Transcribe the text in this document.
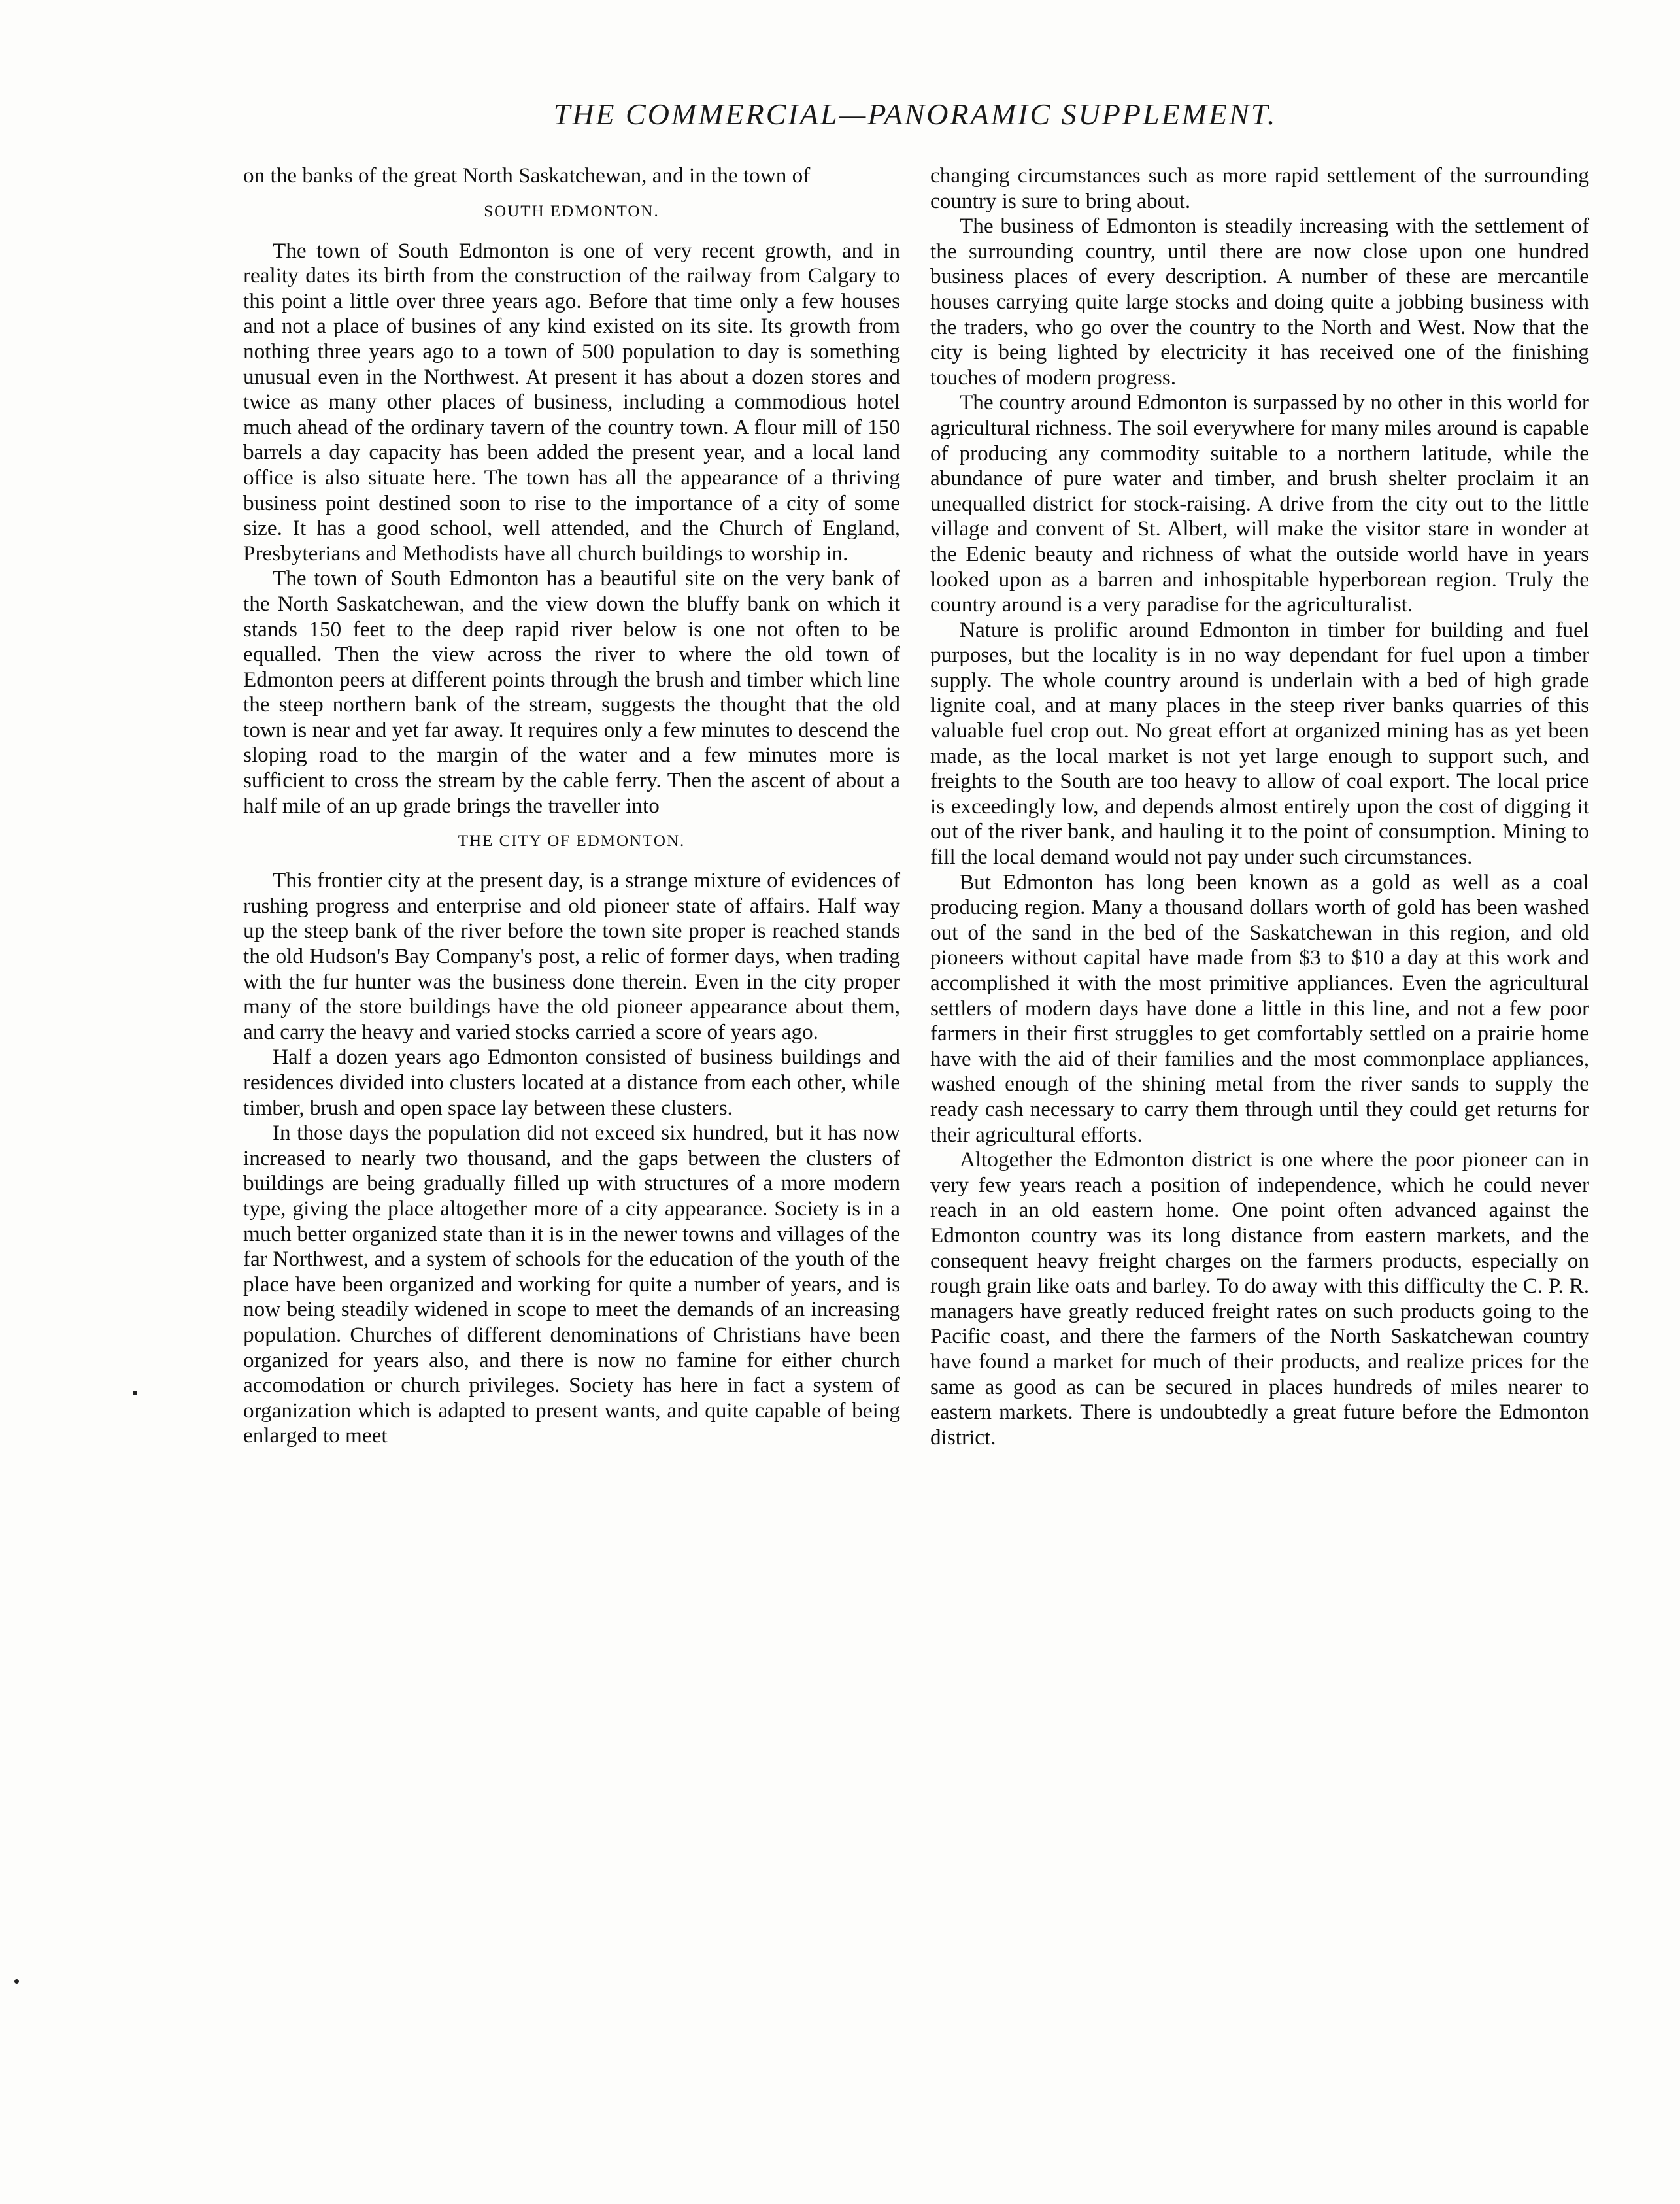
THE COMMERCIAL—PANORAMIC SUPPLEMENT.

on the banks of the great North Saskatchewan, and in the town of

SOUTH EDMONTON.

The town of South Edmonton is one of very recent growth, and in reality dates its birth from the construction of the railway from Calgary to this point a little over three years ago. Before that time only a few houses and not a place of busines of any kind existed on its site. Its growth from nothing three years ago to a town of 500 population to day is something unusual even in the Northwest. At present it has about a dozen stores and twice as many other places of business, including a commodious hotel much ahead of the ordinary tavern of the country town. A flour mill of 150 barrels a day capacity has been added the present year, and a local land office is also situate here. The town has all the appearance of a thriving business point destined soon to rise to the importance of a city of some size. It has a good school, well attended, and the Church of England, Presbyterians and Methodists have all church buildings to worship in.

The town of South Edmonton has a beautiful site on the very bank of the North Saskatchewan, and the view down the bluffy bank on which it stands 150 feet to the deep rapid river below is one not often to be equalled. Then the view across the river to where the old town of Edmonton peers at different points through the brush and timber which line the steep northern bank of the stream, suggests the thought that the old town is near and yet far away. It requires only a few minutes to descend the sloping road to the margin of the water and a few minutes more is sufficient to cross the stream by the cable ferry. Then the ascent of about a half mile of an up grade brings the traveller into

THE CITY OF EDMONTON.

This frontier city at the present day, is a strange mixture of evidences of rushing progress and enterprise and old pioneer state of affairs. Half way up the steep bank of the river before the town site proper is reached stands the old Hudson's Bay Company's post, a relic of former days, when trading with the fur hunter was the business done therein. Even in the city proper many of the store buildings have the old pioneer appearance about them, and carry the heavy and varied stocks carried a score of years ago.

Half a dozen years ago Edmonton consisted of business buildings and residences divided into clusters located at a distance from each other, while timber, brush and open space lay between these clusters.

In those days the population did not exceed six hundred, but it has now increased to nearly two thousand, and the gaps between the clusters of buildings are being gradually filled up with structures of a more modern type, giving the place altogether more of a city appearance. Society is in a much better organized state than it is in the newer towns and villages of the far Northwest, and a system of schools for the education of the youth of the place have been organized and working for quite a number of years, and is now being steadily widened in scope to meet the demands of an increasing population. Churches of different denominations of Christians have been organized for years also, and there is now no famine for either church accomodation or church privileges. Society has here in fact a system of organization which is adapted to present wants, and quite capable of being enlarged to meet

changing circumstances such as more rapid settlement of the surrounding country is sure to bring about.

The business of Edmonton is steadily increasing with the settlement of the surrounding country, until there are now close upon one hundred business places of every description. A number of these are mercantile houses carrying quite large stocks and doing quite a jobbing business with the traders, who go over the country to the North and West. Now that the city is being lighted by electricity it has received one of the finishing touches of modern progress.

The country around Edmonton is surpassed by no other in this world for agricultural richness. The soil everywhere for many miles around is capable of producing any commodity suitable to a northern latitude, while the abundance of pure water and timber, and brush shelter proclaim it an unequalled district for stock-raising. A drive from the city out to the little village and convent of St. Albert, will make the visitor stare in wonder at the Edenic beauty and richness of what the outside world have in years looked upon as a barren and inhospitable hyperborean region. Truly the country around is a very paradise for the agriculturalist.

Nature is prolific around Edmonton in timber for building and fuel purposes, but the locality is in no way dependant for fuel upon a timber supply. The whole country around is underlain with a bed of high grade lignite coal, and at many places in the steep river banks quarries of this valuable fuel crop out. No great effort at organized mining has as yet been made, as the local market is not yet large enough to support such, and freights to the South are too heavy to allow of coal export. The local price is exceedingly low, and depends almost entirely upon the cost of digging it out of the river bank, and hauling it to the point of consumption. Mining to fill the local demand would not pay under such circumstances.

But Edmonton has long been known as a gold as well as a coal producing region. Many a thousand dollars worth of gold has been washed out of the sand in the bed of the Saskatchewan in this region, and old pioneers without capital have made from $3 to $10 a day at this work and accomplished it with the most primitive appliances. Even the agricultural settlers of modern days have done a little in this line, and not a few poor farmers in their first struggles to get comfortably settled on a prairie home have with the aid of their families and the most commonplace appliances, washed enough of the shining metal from the river sands to supply the ready cash necessary to carry them through until they could get returns for their agricultural efforts.

Altogether the Edmonton district is one where the poor pioneer can in very few years reach a position of independence, which he could never reach in an old eastern home. One point often advanced against the Edmonton country was its long distance from eastern markets, and the consequent heavy freight charges on the farmers products, especially on rough grain like oats and barley. To do away with this difficulty the C. P. R. managers have greatly reduced freight rates on such products going to the Pacific coast, and there the farmers of the North Saskatchewan country have found a market for much of their products, and realize prices for the same as good as can be secured in places hundreds of miles nearer to eastern markets. There is undoubtedly a great future before the Edmonton district.
